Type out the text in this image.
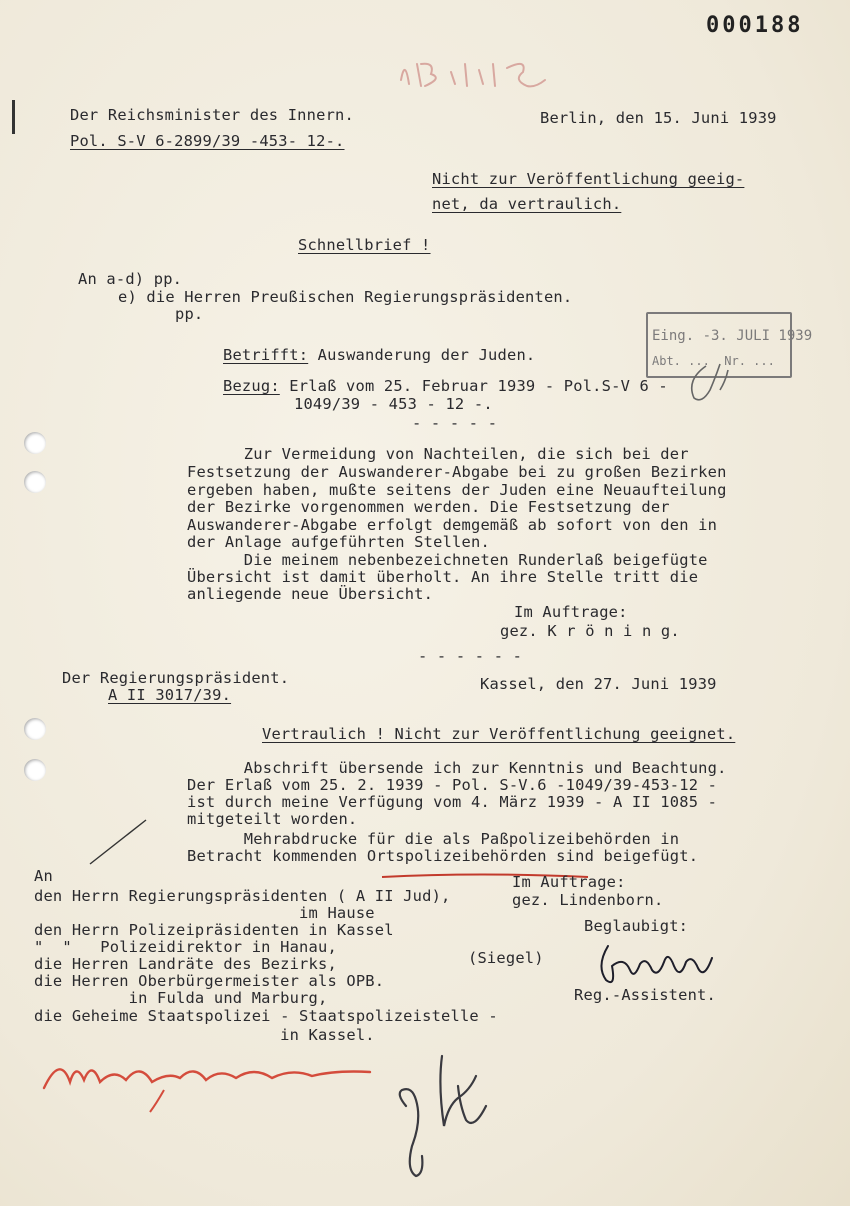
000188
Der Reichsminister des Innern.
Pol. S-V 6-2899/39 -453- 12-.
Berlin, den 15. Juni 1939
Nicht zur Veröffentlichung geeig-
net, da vertraulich.
Schnellbrief !
An a-d) pp.
e) die Herren Preußischen Regierungspräsidenten.
pp.
Eing. -3. JULI 1939
Abt. ...  Nr. ...
Betrifft: Auswanderung der Juden.
Bezug: Erlaß vom 25. Februar 1939 - Pol.S-V 6 -
1049/39 - 453 - 12 -.
- - - - -
Zur Vermeidung von Nachteilen, die sich bei der
Festsetzung der Auswanderer-Abgabe bei zu großen Bezirken
ergeben haben, mußte seitens der Juden eine Neuaufteilung
der Bezirke vorgenommen werden. Die Festsetzung der
Auswanderer-Abgabe erfolgt demgemäß ab sofort von den in
der Anlage aufgeführten Stellen.
Die meinem nebenbezeichneten Runderlaß beigefügte
Übersicht ist damit überholt. An ihre Stelle tritt die
anliegende neue Übersicht.
Im Auftrage:
gez. K r ö n i n g.
- - - - - -
Der Regierungspräsident.
A II 3017/39.
Kassel, den 27. Juni 1939
Vertraulich ! Nicht zur Veröffentlichung geeignet.
Abschrift übersende ich zur Kenntnis und Beachtung.
Der Erlaß vom 25. 2. 1939 - Pol. S-V.6 -1049/39-453-12 -
ist durch meine Verfügung vom 4. März 1939 - A II 1085 -
mitgeteilt worden.
Mehrabdrucke für die als Paßpolizeibehörden in
Betracht kommenden Ortspolizeibehörden sind beigefügt.
An
den Herrn Regierungspräsidenten ( A II Jud),
im Hause
den Herrn Polizeipräsidenten in Kassel
"  "   Polizeidirektor in Hanau,
die Herren Landräte des Bezirks,
die Herren Oberbürgermeister als OPB.
in Fulda und Marburg,
die Geheime Staatspolizei - Staatspolizeistelle -
in Kassel.
Im Auftrage:
gez. Lindenborn.
Beglaubigt:
(Siegel)
Reg.-Assistent.
